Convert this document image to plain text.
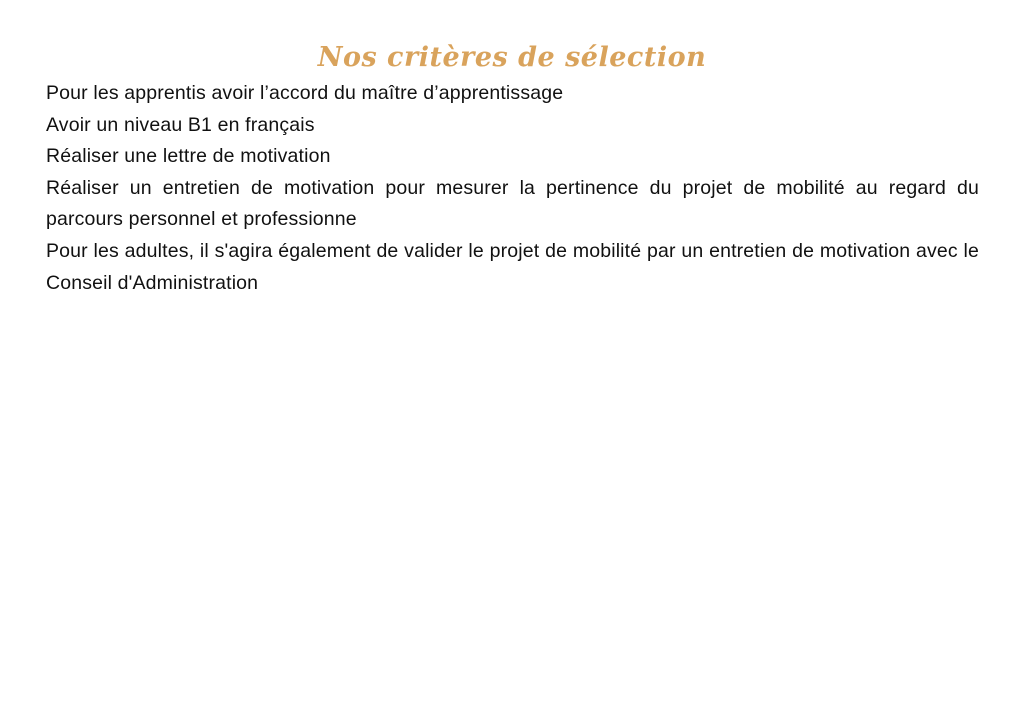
Nos critères de sélection

Pour les apprentis avoir l’accord du maître d’apprentissage

Avoir un niveau B1 en français

Réaliser une lettre de motivation

Réaliser un entretien de motivation pour mesurer la pertinence du projet de mobilité au regard du parcours personnel et professionne

Pour les adultes, il s'agira également de valider le projet de mobilité par un entretien de motivation avec le Conseil d'Administration
